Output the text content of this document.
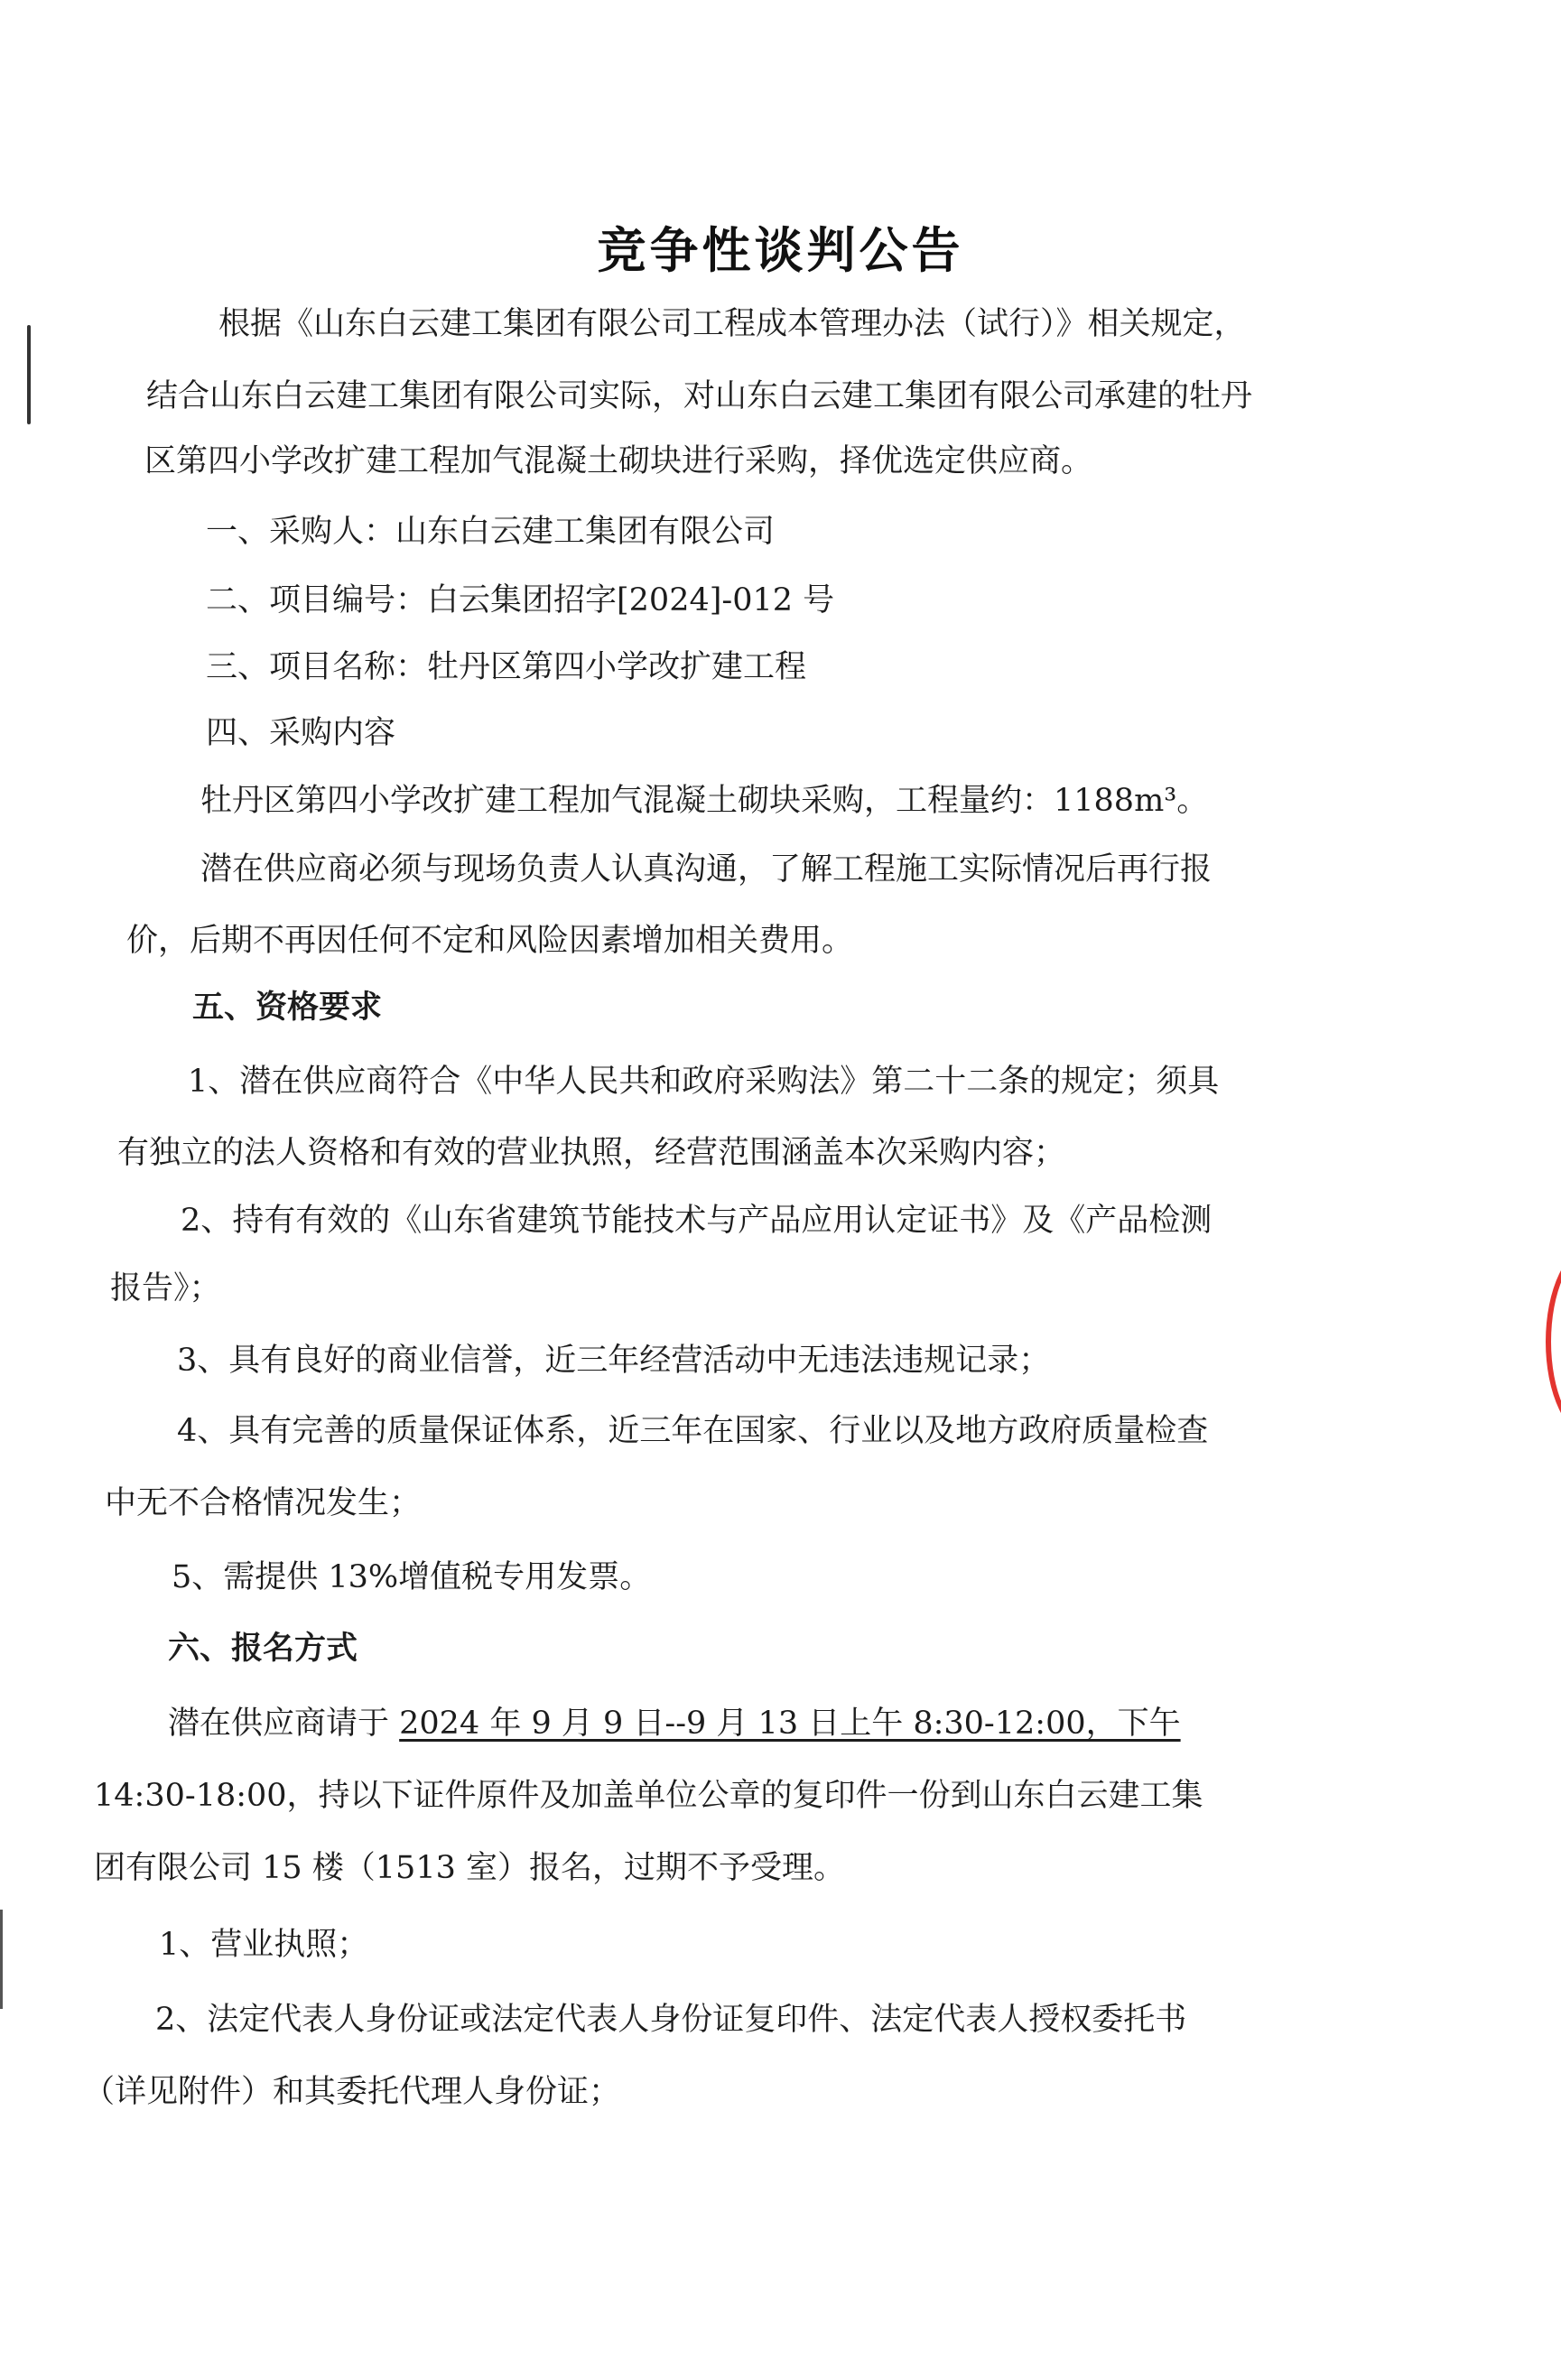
竞争性谈判公告
根据《山东白云建工集团有限公司工程成本管理办法（试行）》相关规定，
结合山东白云建工集团有限公司实际，对山东白云建工集团有限公司承建的牡丹
区第四小学改扩建工程加气混凝土砌块进行采购，择优选定供应商。
一、采购人：山东白云建工集团有限公司
二、项目编号：白云集团招字[2024]-012 号
三、项目名称：牡丹区第四小学改扩建工程
四、采购内容
牡丹区第四小学改扩建工程加气混凝土砌块采购，工程量约：1188m³。
潜在供应商必须与现场负责人认真沟通，了解工程施工实际情况后再行报
价，后期不再因任何不定和风险因素增加相关费用。
五、资格要求
1、潜在供应商符合《中华人民共和政府采购法》第二十二条的规定；须具
有独立的法人资格和有效的营业执照，经营范围涵盖本次采购内容；
2、持有有效的《山东省建筑节能技术与产品应用认定证书》及《产品检测
报告》；
3、具有良好的商业信誉，近三年经营活动中无违法违规记录；
4、具有完善的质量保证体系，近三年在国家、行业以及地方政府质量检查
中无不合格情况发生；
5、需提供 13%增值税专用发票。
六、报名方式
潜在供应商请于 2024 年 9 月 9 日--9 月 13 日上午 8:30-12:00，下午
14:30-18:00，持以下证件原件及加盖单位公章的复印件一份到山东白云建工集
团有限公司 15 楼（1513 室）报名，过期不予受理。
1、营业执照；
2、法定代表人身份证或法定代表人身份证复印件、法定代表人授权委托书
（详见附件）和其委托代理人身份证；
